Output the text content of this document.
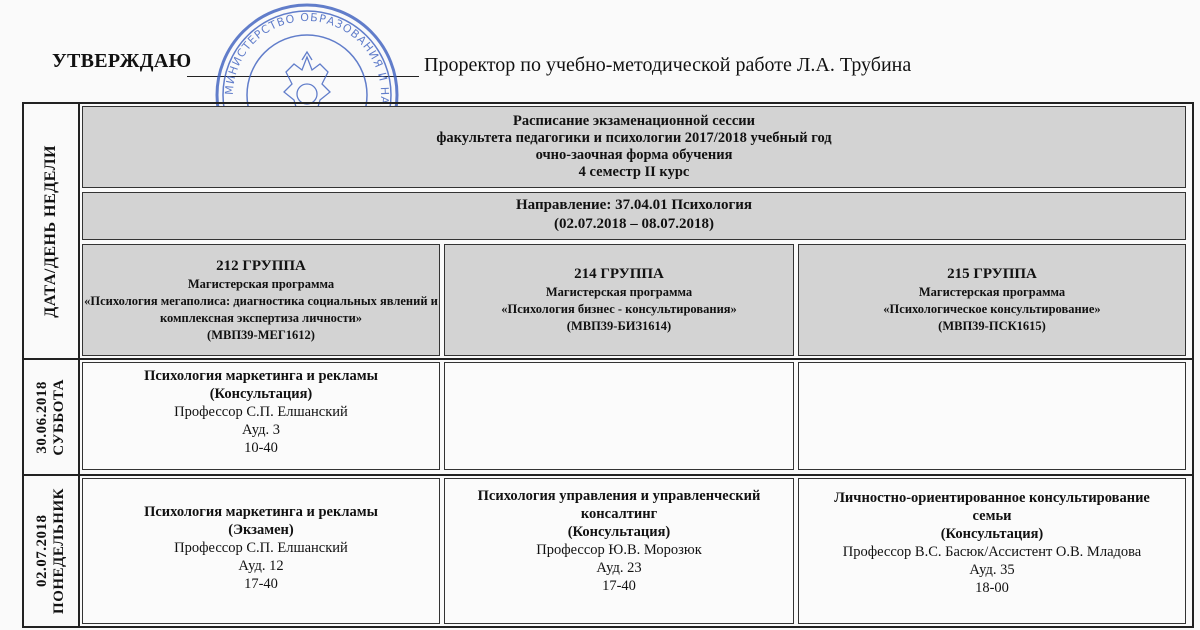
УТВЕРЖДАЮ	Проректор по учебно-методической работе Л.А. Трубина
МИНИСТЕРСТВО ОБРАЗОВАНИЯ И НА
ДАТА/ДЕНЬ НЕДЕЛИ
Расписание экзаменационной сессии
факультета педагогики и психологии 2017/2018 учебный год
очно-заочная форма обучения
4 семестр II курс
Направление: 37.04.01 Психология
(02.07.2018 – 08.07.2018)
212 ГРУППА
Магистерская программа
«Психология мегаполиса: диагностика социальных явлений и комплексная экспертиза личности»
(МВП39-МЕГ1612)
214 ГРУППА
Магистерская программа
«Психология бизнес - консультирования»
(МВП39-БИЗ1614)
215 ГРУППА
Магистерская программа
«Психологическое консультирование»
(МВП39-ПСК1615)
30.06.2018 СУББОТА
Психология маркетинга и рекламы
(Консультация)
Профессор С.П. Елшанский
Ауд. 3
10-40
02.07.2018 ПОНЕДЕЛЬНИК	Психология маркетинга и рекламы
(Экзамен)
Профессор С.П. Елшанский
Ауд. 12
17-40
Психология управления и управленческий консалтинг
(Консультация)
Профессор Ю.В. Морозюк
Ауд. 23
17-40
Личностно-ориентированное консультирование семьи
(Консультация)
Профессор В.С. Басюк/Ассистент О.В. Младова
Ауд. 35
18-00
